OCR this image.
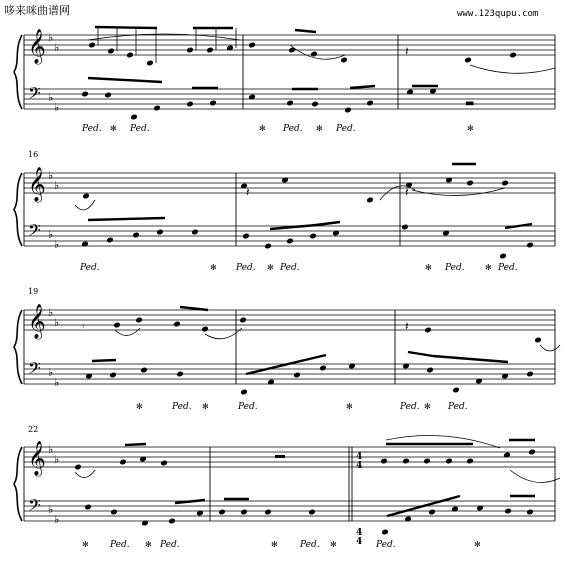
哆来咪曲谱网	www.123qupu.com
16
19
22
4
4
4
4
𝄞
𝄢
♭
♭
♭
♭
𝄞
𝄢
♭
♭
♭
♭
𝄞
𝄢
♭
♭
♭
♭
𝄞
𝄢
♭
♭
♭
♭
𝄽
▬
𝄽	𝄽
𝄾	𝄽
Ped. ✻ Ped.	✻ Ped. ✻ Ped.	✻
Ped.	✻ Ped. ✻ Ped.	✻ Ped.	✻ Ped.
✻	Ped. ✻	Ped.	✻	Ped. ✻ Ped.
✻ Ped. ✻ Ped.	✻ Ped. ✻	Ped.	✻
